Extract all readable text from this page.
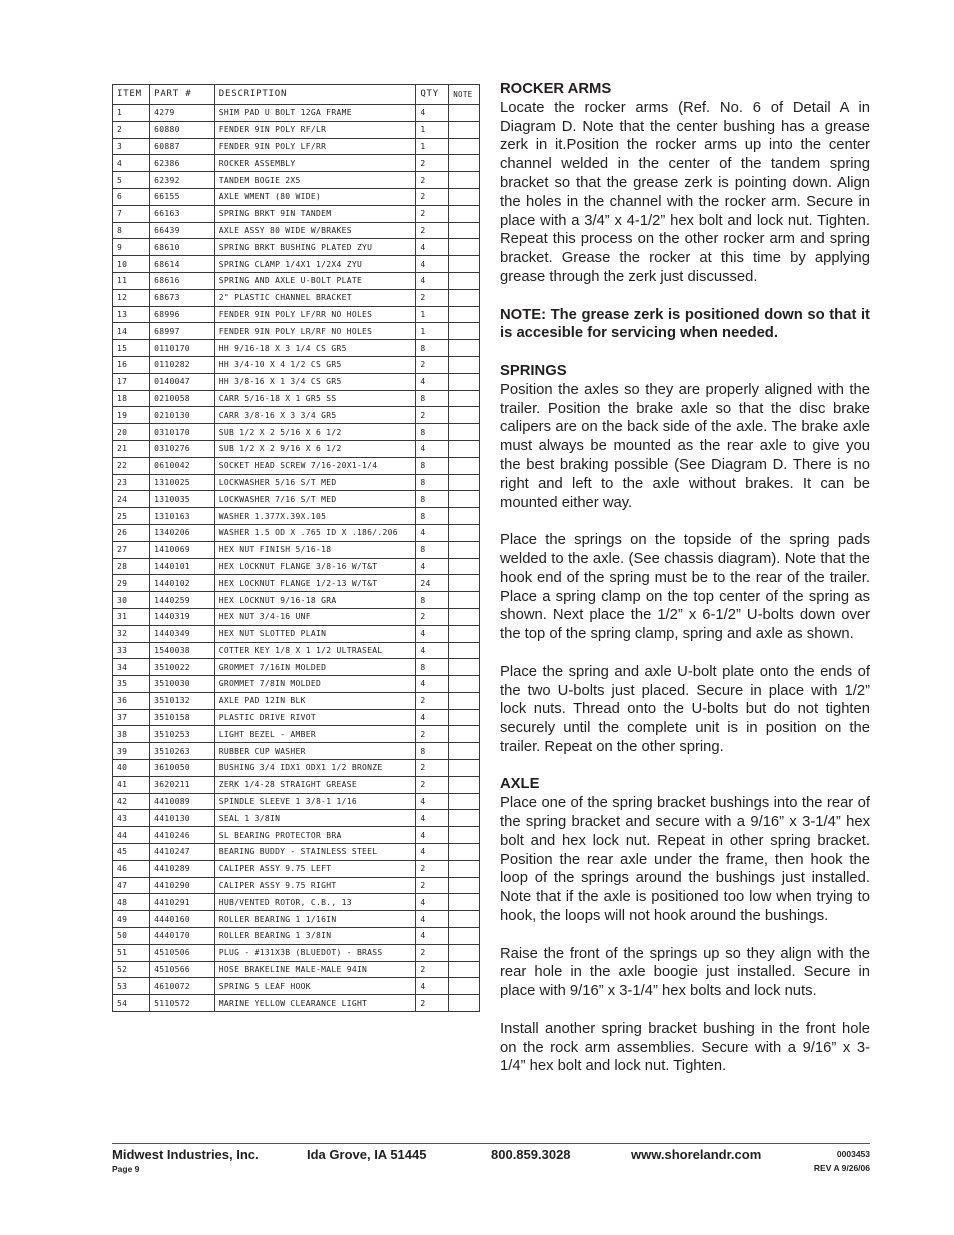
ITEM	PART #	DESCRIPTION	QTY	NOTE
1	4279	SHIM PAD U BOLT 12GA FRAME	4	
2	60880	FENDER 9IN POLY RF/LR	1	
3	60887	FENDER 9IN POLY LF/RR	1	
4	62386	ROCKER ASSEMBLY	2	
5	62392	TANDEM BOGIE 2X5	2	
6	66155	AXLE WMENT (80 WIDE)	2	
7	66163	SPRING BRKT 9IN TANDEM	2	
8	66439	AXLE ASSY 80 WIDE W/BRAKES	2	
9	68610	SPRING BRKT BUSHING PLATED ZYU	4	
10	68614	SPRING CLAMP 1/4X1 1/2X4 ZYU	4	
11	68616	SPRING AND AXLE U-BOLT PLATE	4	
12	68673	2" PLASTIC CHANNEL BRACKET	2	
13	68996	FENDER 9IN POLY LF/RR NO HOLES	1	
14	68997	FENDER 9IN POLY LR/RF NO HOLES	1	
15	0110170	HH 9/16-18 X 3 1/4 CS GR5	8	
16	0110282	HH 3/4-10 X 4 1/2 CS GR5	2	
17	0140047	HH 3/8-16 X 1 3/4 CS GR5	4	
18	0210058	CARR 5/16-18 X 1 GR5 SS	8	
19	0210130	CARR 3/8-16 X 3 3/4 GR5	2	
20	0310170	SUB 1/2 X 2 5/16 X 6 1/2	8	
21	0310276	SUB 1/2 X 2 9/16 X 6 1/2	4	
22	0610042	SOCKET HEAD SCREW 7/16-20X1-1/4	8	
23	1310025	LOCKWASHER 5/16 S/T MED	8	
24	1310035	LOCKWASHER 7/16 S/T MED	8	
25	1310163	WASHER 1.377X.39X.105	8	
26	1340206	WASHER 1.5 OD X .765 ID X .186/.206	4	
27	1410069	HEX NUT FINISH 5/16-18	8	
28	1440101	HEX LOCKNUT FLANGE 3/8-16 W/T&T	4	
29	1440102	HEX LOCKNUT FLANGE 1/2-13 W/T&T	24	
30	1440259	HEX LOCKNUT 9/16-18 GRA	8	
31	1440319	HEX NUT 3/4-16 UNF	2	
32	1440349	HEX NUT SLOTTED PLAIN	4	
33	1540038	COTTER KEY 1/8 X 1 1/2 ULTRASEAL	4	
34	3510022	GROMMET 7/16IN MOLDED	8	
35	3510030	GROMMET 7/8IN MOLDED	4	
36	3510132	AXLE PAD 12IN BLK	2	
37	3510158	PLASTIC DRIVE RIVOT	4	
38	3510253	LIGHT BEZEL - AMBER	2	
39	3510263	RUBBER CUP WASHER	8	
40	3610050	BUSHING 3/4 IDX1 ODX1 1/2 BRONZE	2	
41	3620211	ZERK 1/4-28 STRAIGHT GREASE	2	
42	4410089	SPINDLE SLEEVE 1 3/8-1 1/16	4	
43	4410130	SEAL 1 3/8IN	4	
44	4410246	SL BEARING PROTECTOR BRA	4	
45	4410247	BEARING BUDDY - STAINLESS STEEL	4	
46	4410289	CALIPER ASSY 9.75 LEFT	2	
47	4410290	CALIPER ASSY 9.75 RIGHT	2	
48	4410291	HUB/VENTED ROTOR, C.B., 13	4	
49	4440160	ROLLER BEARING 1 1/16IN	4	
50	4440170	ROLLER BEARING 1 3/8IN	4	
51	4510506	PLUG - #131X3B (BLUEDOT) - BRASS	2	
52	4510566	HOSE BRAKELINE MALE-MALE 94IN	2	
53	4610072	SPRING 5 LEAF HOOK	4	
54	5110572	MARINE YELLOW CLEARANCE LIGHT	2	
ROCKER ARMS

Locate the rocker arms (Ref. No. 6 of Detail A in Diagram D. Note that the center bushing has a grease zerk in it.Position the rocker arms up into the center channel welded in the center of the tandem spring bracket so that the grease zerk is pointing down. Align the holes in the channel with the rocker arm. Secure in place with a 3/4” x 4-1/2” hex bolt and lock nut. Tighten. Repeat this process on the other rocker arm and spring bracket. Grease the rocker at this time by applying grease through the zerk just discussed.

NOTE: The grease zerk is positioned down so that it is accesible for servicing when needed.

SPRINGS

Position the axles so they are properly aligned with the trailer. Position the brake axle so that the disc brake calipers are on the back side of the axle. The brake axle must always be mounted as the rear axle to give you the best braking possible (See Diagram D. There is no right and left to the axle without brakes. It can be mounted either way.

Place the springs on the topside of the spring pads welded to the axle. (See chassis diagram). Note that the hook end of the spring must be to the rear of the trailer. Place a spring clamp on the top center of the spring as shown. Next place the 1/2” x 6-1/2” U-bolts down over the top of the spring clamp, spring and axle as shown.

Place the spring and axle U-bolt plate onto the ends of the two U-bolts just placed. Secure in place with 1/2” lock nuts. Thread onto the U-bolts but do not tighten securely until the complete unit is in position on the trailer. Repeat on the other spring.

AXLE

Place one of the spring bracket bushings into the rear of the spring bracket and secure with a 9/16” x 3-1/4” hex bolt and hex lock nut. Repeat in other spring bracket. Position the rear axle under the frame, then hook the loop of the springs around the bushings just installed. Note that if the axle is positioned too low when trying to hook, the loops will not hook around the bushings.

Raise the front of the springs up so they align with the rear hole in the axle boogie just installed. Secure in place with 9/16” x 3-1/4” hex bolts and lock nuts.

Install another spring bracket bushing in the front hole on the rock arm assemblies. Secure with a 9/16” x 3-1/4” hex bolt and lock nut. Tighten.

Midwest Industries, Inc.	Ida Grove, IA 51445	800.859.3028	www.shorelandr.com	0003453
Page 9	REV A 9/26/06
